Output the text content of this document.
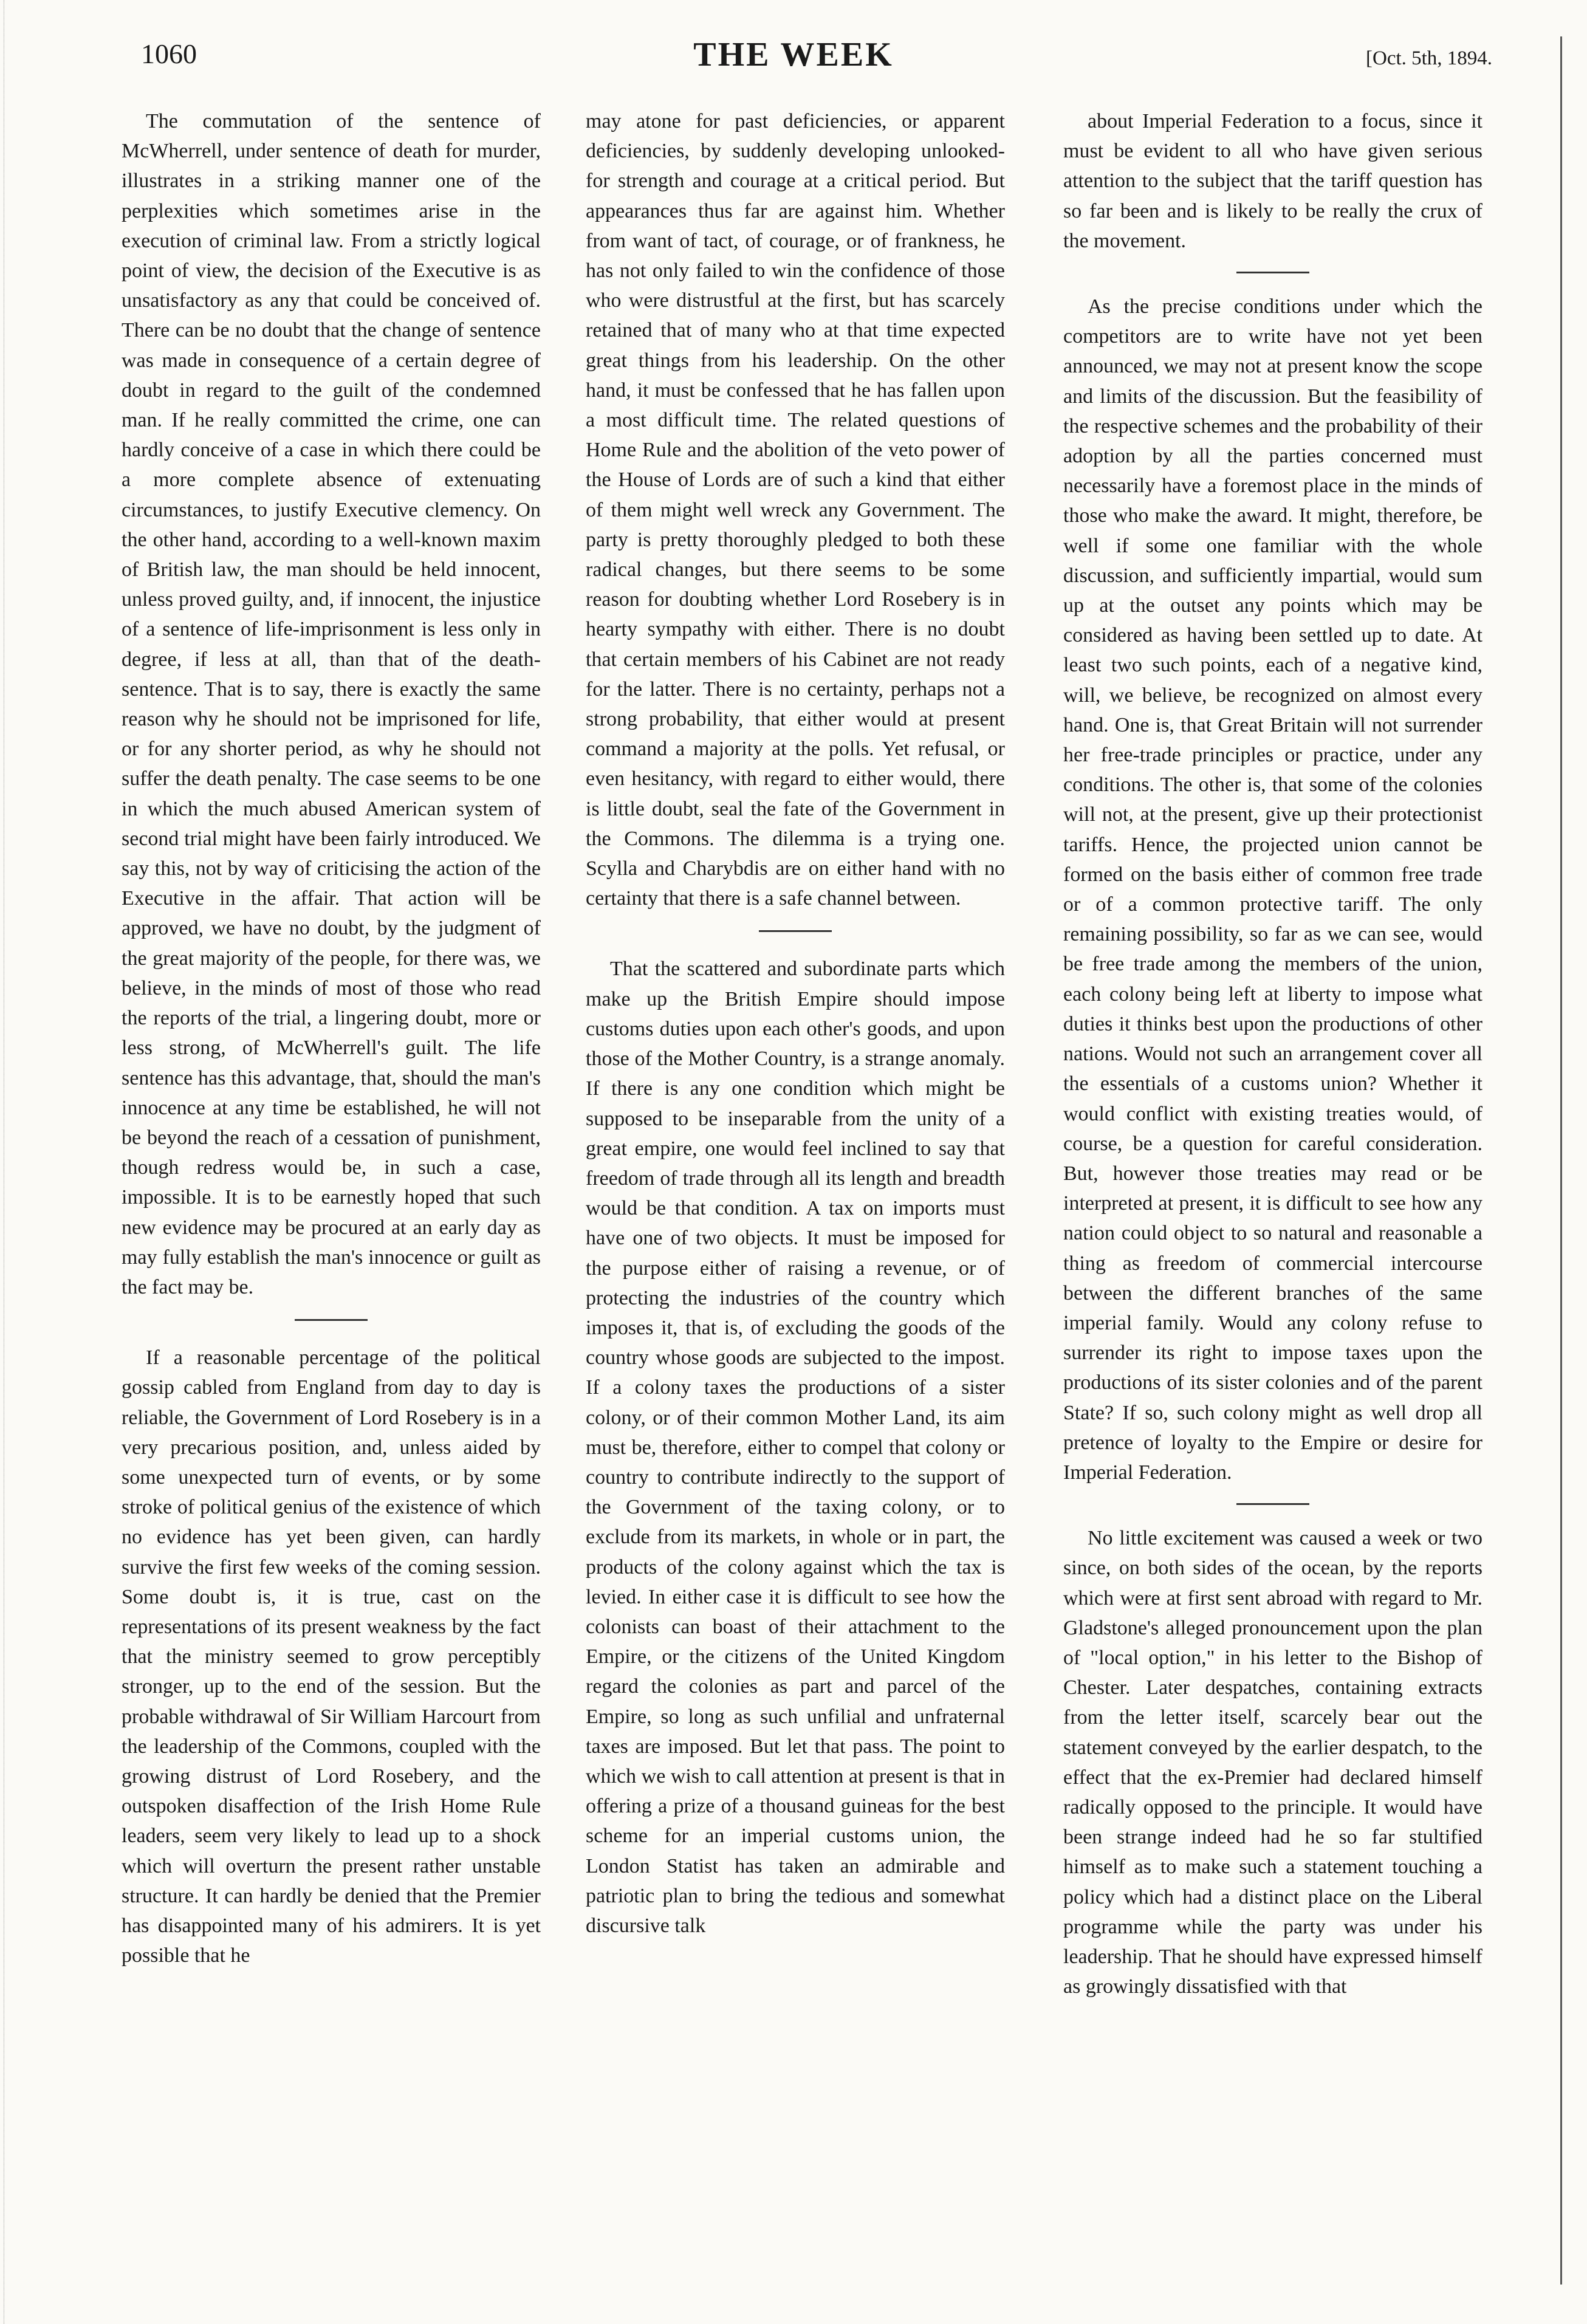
1060	THE WEEK	[Oct. 5th, 1894.

The commutation of the sentence of McWherrell, under sentence of death for murder, illustrates in a striking manner one of the perplexities which sometimes arise in the execution of criminal law. From a strictly logical point of view, the decision of the Executive is as unsatisfactory as any that could be conceived of. There can be no doubt that the change of sentence was made in consequence of a certain degree of doubt in regard to the guilt of the condemned man. If he really committed the crime, one can hardly conceive of a case in which there could be a more complete absence of extenuating circumstances, to justify Executive clemency. On the other hand, according to a well-known maxim of British law, the man should be held innocent, unless proved guilty, and, if innocent, the injustice of a sentence of life-imprisonment is less only in degree, if less at all, than that of the death-sentence. That is to say, there is exactly the same reason why he should not be imprisoned for life, or for any shorter period, as why he should not suffer the death penalty. The case seems to be one in which the much abused American system of second trial might have been fairly introduced. We say this, not by way of criticising the action of the Executive in the affair. That action will be approved, we have no doubt, by the judgment of the great majority of the people, for there was, we believe, in the minds of most of those who read the reports of the trial, a lingering doubt, more or less strong, of McWherrell's guilt. The life sentence has this advantage, that, should the man's innocence at any time be established, he will not be beyond the reach of a cessation of punishment, though redress would be, in such a case, impossible. It is to be earnestly hoped that such new evidence may be procured at an early day as may fully establish the man's innocence or guilt as the fact may be.

If a reasonable percentage of the political gossip cabled from England from day to day is reliable, the Government of Lord Rosebery is in a very precarious position, and, unless aided by some unexpected turn of events, or by some stroke of political genius of the existence of which no evidence has yet been given, can hardly survive the first few weeks of the coming session. Some doubt is, it is true, cast on the representations of its present weakness by the fact that the ministry seemed to grow perceptibly stronger, up to the end of the session. But the probable withdrawal of Sir William Harcourt from the leadership of the Commons, coupled with the growing distrust of Lord Rosebery, and the outspoken disaffection of the Irish Home Rule leaders, seem very likely to lead up to a shock which will overturn the present rather unstable structure. It can hardly be denied that the Premier has disappointed many of his admirers. It is yet possible that he

may atone for past deficiencies, or apparent deficiencies, by suddenly developing unlooked-for strength and courage at a critical period. But appearances thus far are against him. Whether from want of tact, of courage, or of frankness, he has not only failed to win the confidence of those who were distrustful at the first, but has scarcely retained that of many who at that time expected great things from his leadership. On the other hand, it must be confessed that he has fallen upon a most difficult time. The related questions of Home Rule and the abolition of the veto power of the House of Lords are of such a kind that either of them might well wreck any Government. The party is pretty thoroughly pledged to both these radical changes, but there seems to be some reason for doubting whether Lord Rosebery is in hearty sympathy with either. There is no doubt that certain members of his Cabinet are not ready for the latter. There is no certainty, perhaps not a strong probability, that either would at present command a majority at the polls. Yet refusal, or even hesitancy, with regard to either would, there is little doubt, seal the fate of the Government in the Commons. The dilemma is a trying one. Scylla and Charybdis are on either hand with no certainty that there is a safe channel between.

That the scattered and subordinate parts which make up the British Empire should impose customs duties upon each other's goods, and upon those of the Mother Country, is a strange anomaly. If there is any one condition which might be supposed to be inseparable from the unity of a great empire, one would feel inclined to say that freedom of trade through all its length and breadth would be that condition. A tax on imports must have one of two objects. It must be imposed for the purpose either of raising a revenue, or of protecting the industries of the country which imposes it, that is, of excluding the goods of the country whose goods are subjected to the impost. If a colony taxes the productions of a sister colony, or of their common Mother Land, its aim must be, therefore, either to compel that colony or country to contribute indirectly to the support of the Government of the taxing colony, or to exclude from its markets, in whole or in part, the products of the colony against which the tax is levied. In either case it is difficult to see how the colonists can boast of their attachment to the Empire, or the citizens of the United Kingdom regard the colonies as part and parcel of the Empire, so long as such unfilial and unfraternal taxes are imposed. But let that pass. The point to which we wish to call attention at present is that in offering a prize of a thousand guineas for the best scheme for an imperial customs union, the London Statist has taken an admirable and patriotic plan to bring the tedious and somewhat discursive talk

about Imperial Federation to a focus, since it must be evident to all who have given serious attention to the subject that the tariff question has so far been and is likely to be really the crux of the movement.

As the precise conditions under which the competitors are to write have not yet been announced, we may not at present know the scope and limits of the discussion. But the feasibility of the respective schemes and the probability of their adoption by all the parties concerned must necessarily have a foremost place in the minds of those who make the award. It might, therefore, be well if some one familiar with the whole discussion, and sufficiently impartial, would sum up at the outset any points which may be considered as having been settled up to date. At least two such points, each of a negative kind, will, we believe, be recognized on almost every hand. One is, that Great Britain will not surrender her free-trade principles or practice, under any conditions. The other is, that some of the colonies will not, at the present, give up their protectionist tariffs. Hence, the projected union cannot be formed on the basis either of common free trade or of a common protective tariff. The only remaining possibility, so far as we can see, would be free trade among the members of the union, each colony being left at liberty to impose what duties it thinks best upon the productions of other nations. Would not such an arrangement cover all the essentials of a customs union? Whether it would conflict with existing treaties would, of course, be a question for careful consideration. But, however those treaties may read or be interpreted at present, it is difficult to see how any nation could object to so natural and reasonable a thing as freedom of commercial intercourse between the different branches of the same imperial family. Would any colony refuse to surrender its right to impose taxes upon the productions of its sister colonies and of the parent State? If so, such colony might as well drop all pretence of loyalty to the Empire or desire for Imperial Federation.

No little excitement was caused a week or two since, on both sides of the ocean, by the reports which were at first sent abroad with regard to Mr. Gladstone's alleged pronouncement upon the plan of "local option," in his letter to the Bishop of Chester. Later despatches, containing extracts from the letter itself, scarcely bear out the statement conveyed by the earlier despatch, to the effect that the ex-Premier had declared himself radically opposed to the principle. It would have been strange indeed had he so far stultified himself as to make such a statement touching a policy which had a distinct place on the Liberal programme while the party was under his leadership. That he should have expressed himself as growingly dissatisfied with that
